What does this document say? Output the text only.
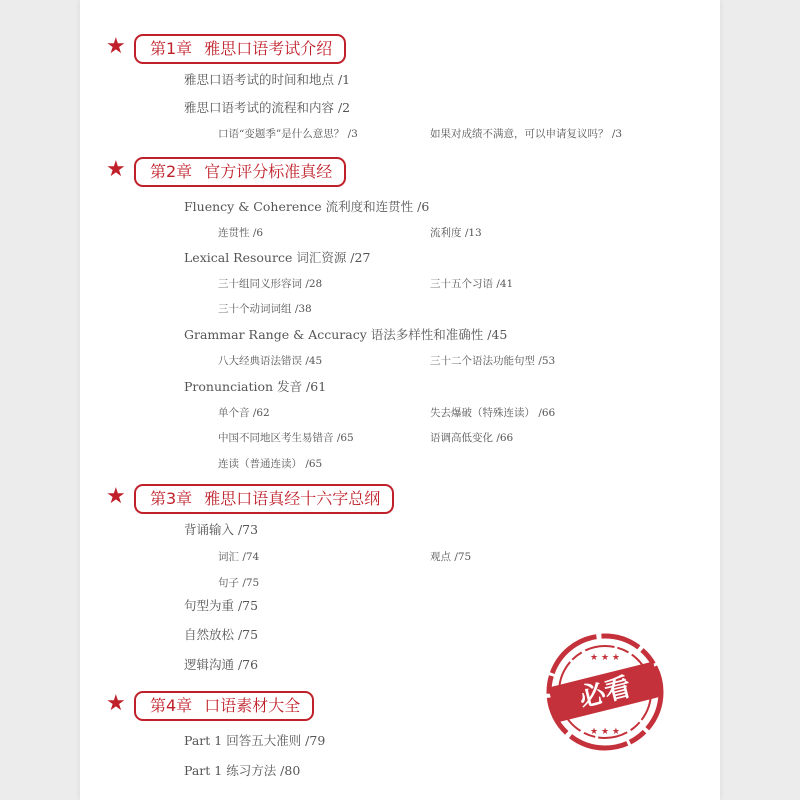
★	第1章 雅思口语考试介绍
雅思口语考试的时间和地点 /1
雅思口语考试的流程和内容 /2
口语“变题季”是什么意思？ /3	如果对成绩不满意，可以申请复议吗？ /3
★	第2章 官方评分标准真经
Fluency & Coherence 流利度和连贯性 /6
连贯性 /6	流利度 /13
Lexical Resource 词汇资源 /27
三十组同义形容词 /28	三十五个习语 /41
三十个动词词组 /38
Grammar Range & Accuracy 语法多样性和准确性 /45
八大经典语法错误 /45	三十二个语法功能句型 /53
Pronunciation 发音 /61
单个音 /62	失去爆破（特殊连读） /66
中国不同地区考生易错音 /65	语调高低变化 /66
连读（普通连读） /65
★	第3章 雅思口语真经十六字总纲
背诵输入 /73
词汇 /74	观点 /75
句子 /75
句型为重 /75
自然放松 /75
逻辑沟通 /76
★	第4章 口语素材大全
Part 1 回答五大准则 /79
Part 1 练习方法 /80
★ ★ ★
★ ★ ★
必看
